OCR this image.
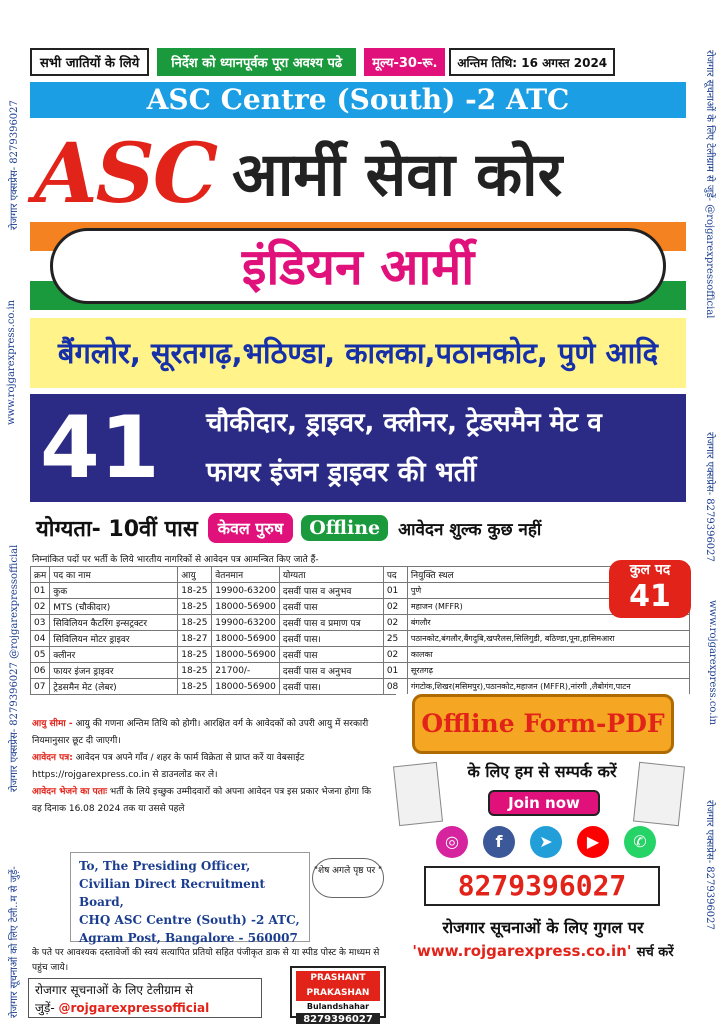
रोजगार एक्सप्रेस- 8279396027
www.rojgarexpress.co.in
रोजगार एक्सप्रेस- 8279396027 @rojgarexpressofficial
रोजगार सूचनाओं को लिए टेली..म से जुड़ें-
रोजगार सूचनाओं के लिए टेलीग्राम से जुड़ें- @rojgarexpressofficial
रोजगार एक्सप्रेस- 8279396027
www.rojgarexpress.co.in
रोजगार एक्सप्रेस- 8279396027
सभी जातियों के लिये	निर्देश को ध्यानपूर्वक पूरा अवश्य पढे	मूल्य-30-रू.	अन्तिम तिथि: 16 अगस्त 2024
ASC Centre (South) -2 ATC
ASC आर्मी सेवा कोर
इंडियन आर्मी
बैंगलोर, सूरतगढ़,भठिण्डा, कालका,पठानकोट, पुणे आदि
41 चौकीदार, ड्राइवर, क्लीनर, ट्रेडसमैन मेट व
फायर इंजन ड्राइवर की भर्ती
योग्यता- 10वीं पास	केवल पुरुष	Offline	आवेदन शुल्क कुछ नहीं
निम्नांकित पदों पर भर्ती के लिये भारतीय नागरिकों से आवेदन पत्र आमन्त्रित किए जाते हैं-
क्रम	पद का नाम	आयु	वेतनमान	योग्यता	पद	नियुक्ति स्थल
01	कुक	18-25	19900-63200	दसवीं पास व अनुभव	01	पुणे
02	MTS (चौकीदार)	18-25	18000-56900	दसवीं पास	02	महाजन (MFFR)
03	सिविलियन कैटरिंग इन्सट्रक्टर	18-25	19900-63200	दसवीं पास व प्रमाण पत्र	02	बंगलौर
04	सिविलियन मोटर ड्राइवर	18-27	18000-56900	दसवीं पास।	25	पठानकोट,बंगलौर,बैंगदुबि,खपरैलस,सिलिगुडी, बठिण्डा,पूना,हासिमआरा
05	क्लीनर	18-25	18000-56900	दसवीं पास	02	कालका
06	फायर इंजन ड्राइवर	18-25	21700/-	दसवीं पास व अनुभव	01	सूरतगढ़
07	ट्रेडसमैन मेट (लेबर)	18-25	18000-56900	दसवीं पास।	08	गंगटोक,शिखर(मसिमपुर),पठानकोट,महाजन (MFFR),नांरगी ,लैबोगंग,पाटन
कुल पद
41
आयु सीमा - आयु की गणना अन्तिम तिथि को होगी। आरक्षित वर्ग के आवेदकों को उपरी आयु में सरकारी नियमानुसार छूट दी जाएगी।
आवेदन पत्र: आवेदन पत्र अपने गाँव / शहर के फार्म विक्रेता से प्राप्त करें या वेबसाईट https://rojgarexpress.co.in से डाउनलोड कर ले।
आवेदन भेजने का पताः भर्ती के लिये इच्छुक उम्मीदवारों को अपना आवेदन पत्र इस प्रकार भेजना होगा कि वह दिनाक 16.08 2024 तक या उससे पहले
To, The Presiding Officer,
Civilian Direct Recruitment Board,
CHQ ASC Centre (South) -2 ATC,
Agram Post, Bangalore - 560007
"शेष अगले पृष्ठ पर "
के पते पर आवश्यक दस्तावेजों की स्वयं सत्यापित प्रतियो सहित पंजीकृत डाक से या स्पीड पोस्ट के माध्यम से पहुंच जाये।
रोजगार सूचनाओं के लिए टेलीग्राम से
जुड़ें- @rojgarexpressofficial
PRASHANT PRAKASHAN
Bulandshahar
8279396027
Offline Form-PDF
के लिए हम से सम्पर्क करें
Join now
◎	f	➤	▶	✆
8279396027
रोजगार सूचनाओं के लिए गुगल पर
'www.rojgarexpress.co.in' सर्च करें
